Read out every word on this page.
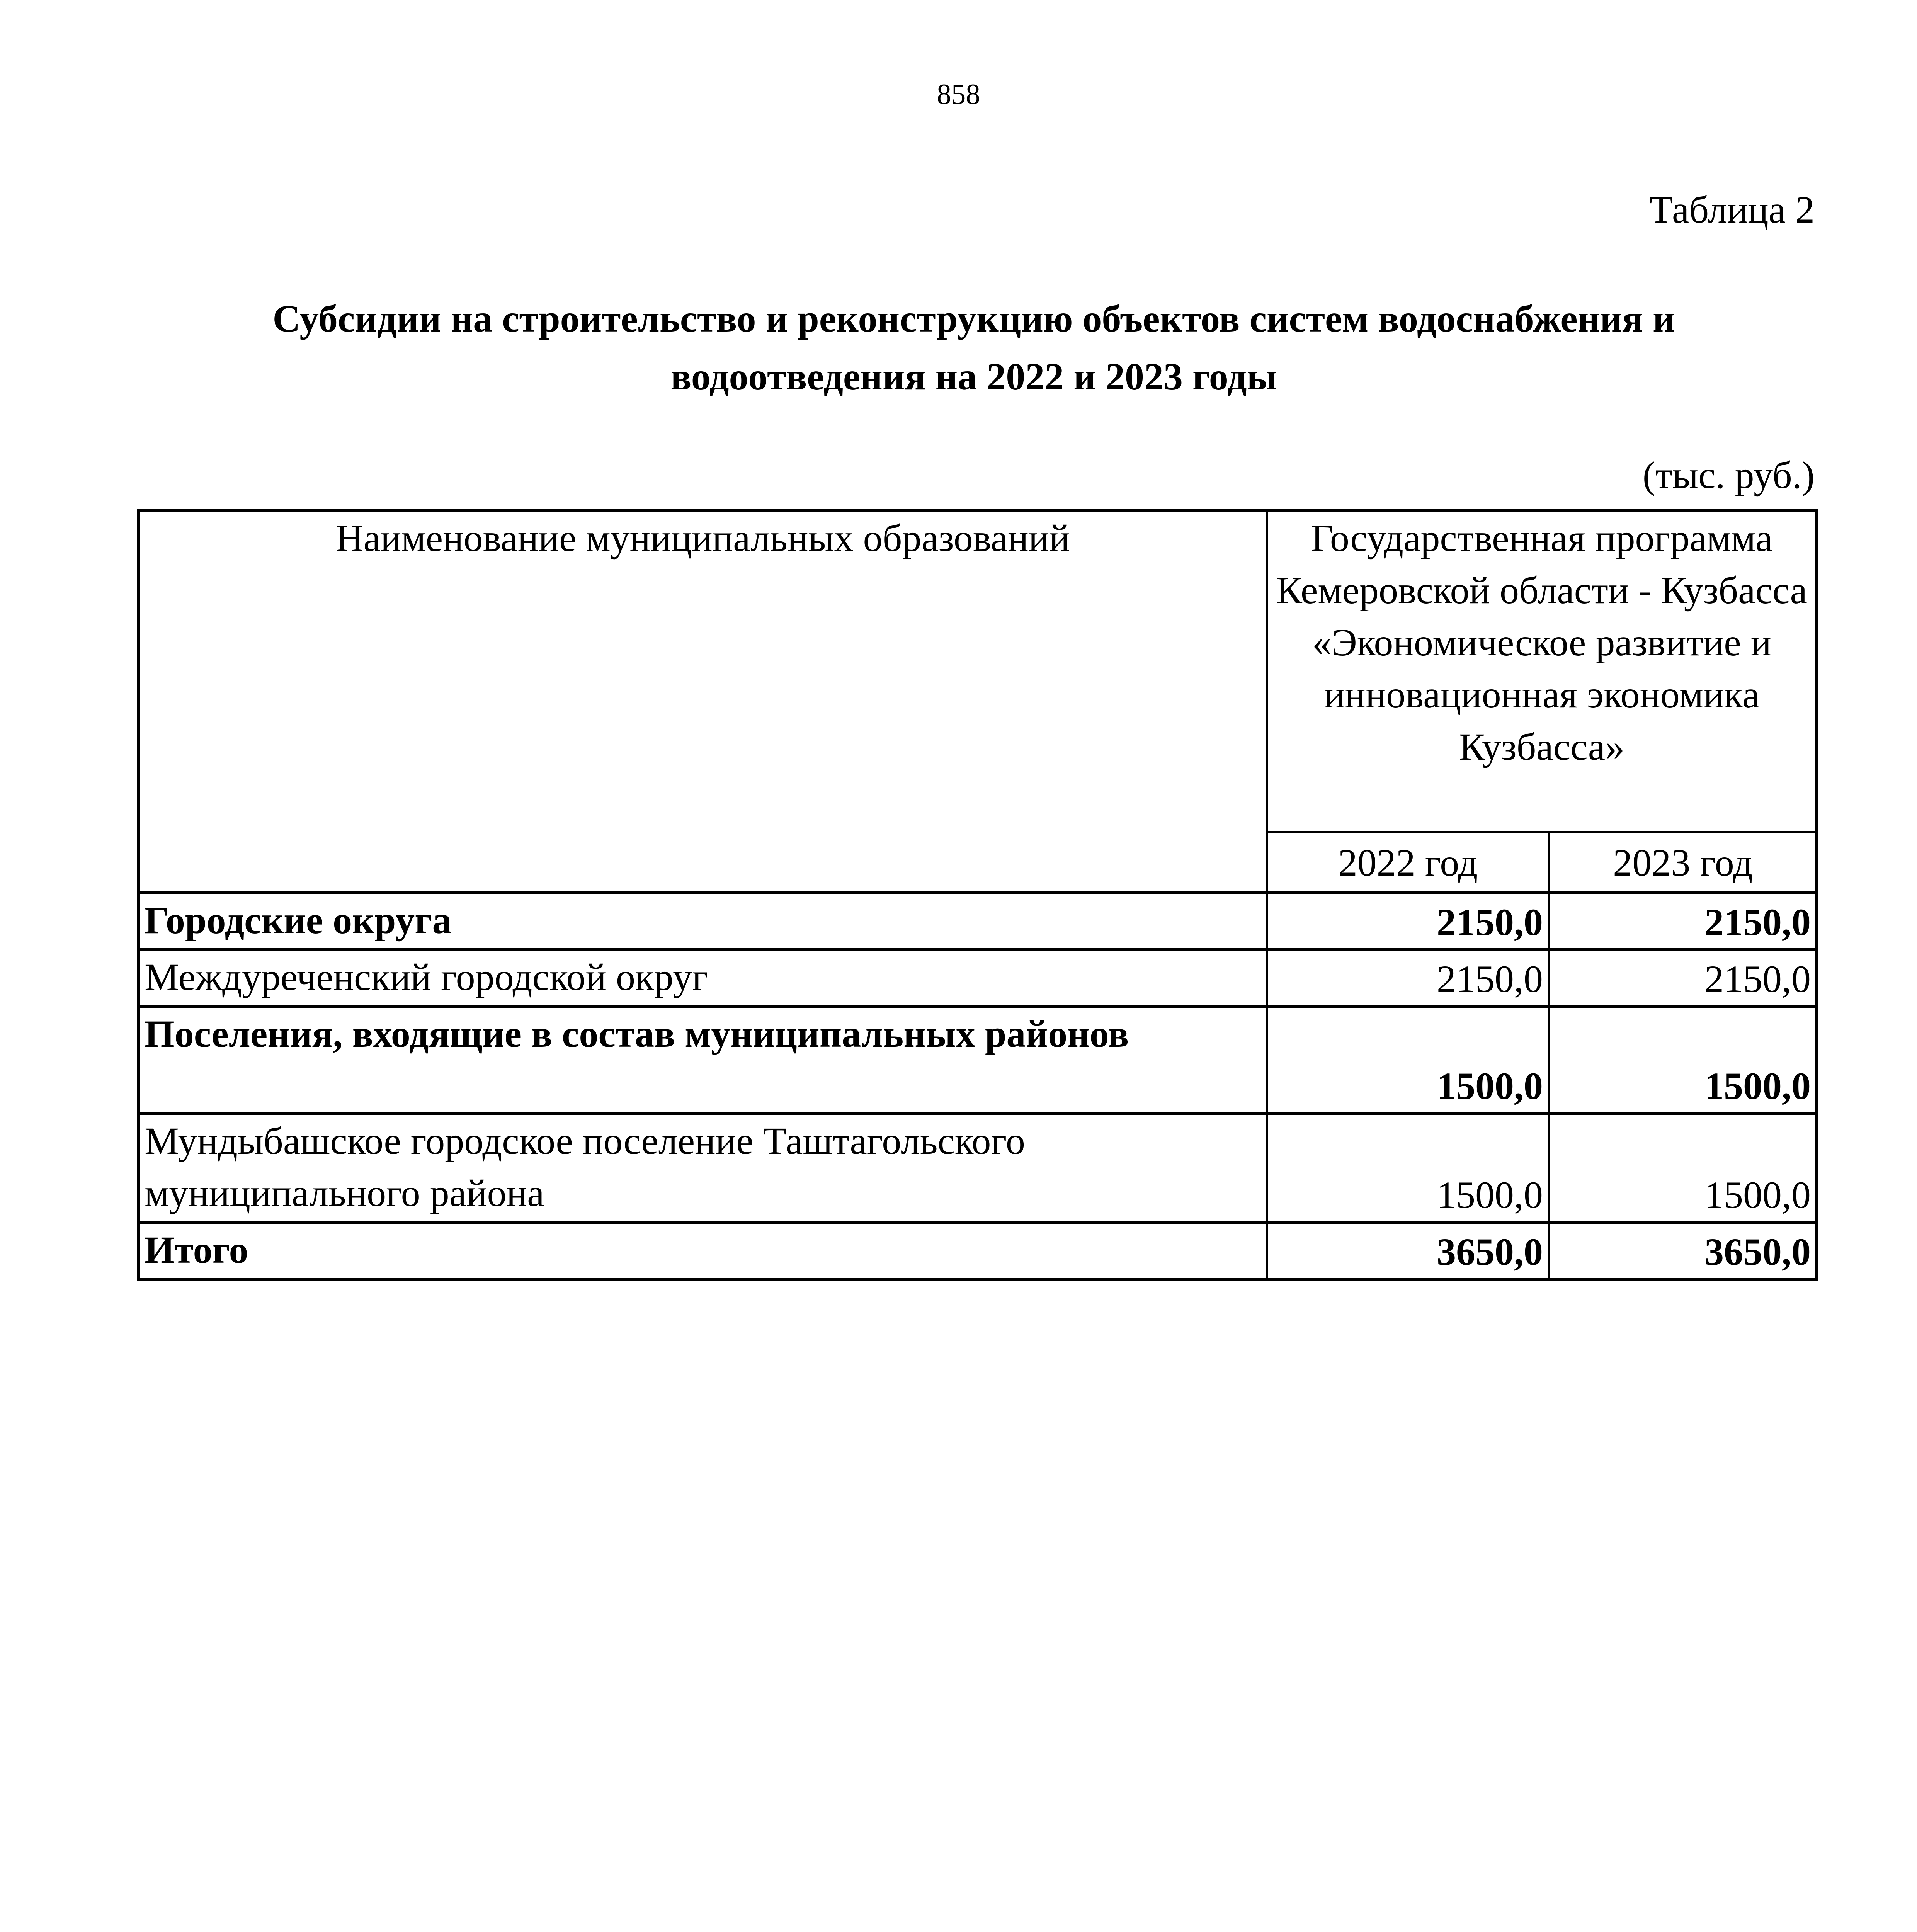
858
Таблица 2
Субсидии на строительство и реконструкцию объектов систем водоснабжения и водоотведения на 2022 и 2023 годы
(тыс. руб.)
Наименование муниципальных образований	Государственная программа Кемеровской области - Кузбасса «Экономическое развитие и инновационная экономика Кузбасса»	
	2022 год	2023 год
Городские округа	2150,0	2150,0
Междуреченский городской округ	2150,0	2150,0
Поселения, входящие в состав муниципальных районов	1500,0	1500,0
Мундыбашское городское поселение Таштагольского муниципального района	1500,0	1500,0
Итого	3650,0	3650,0
